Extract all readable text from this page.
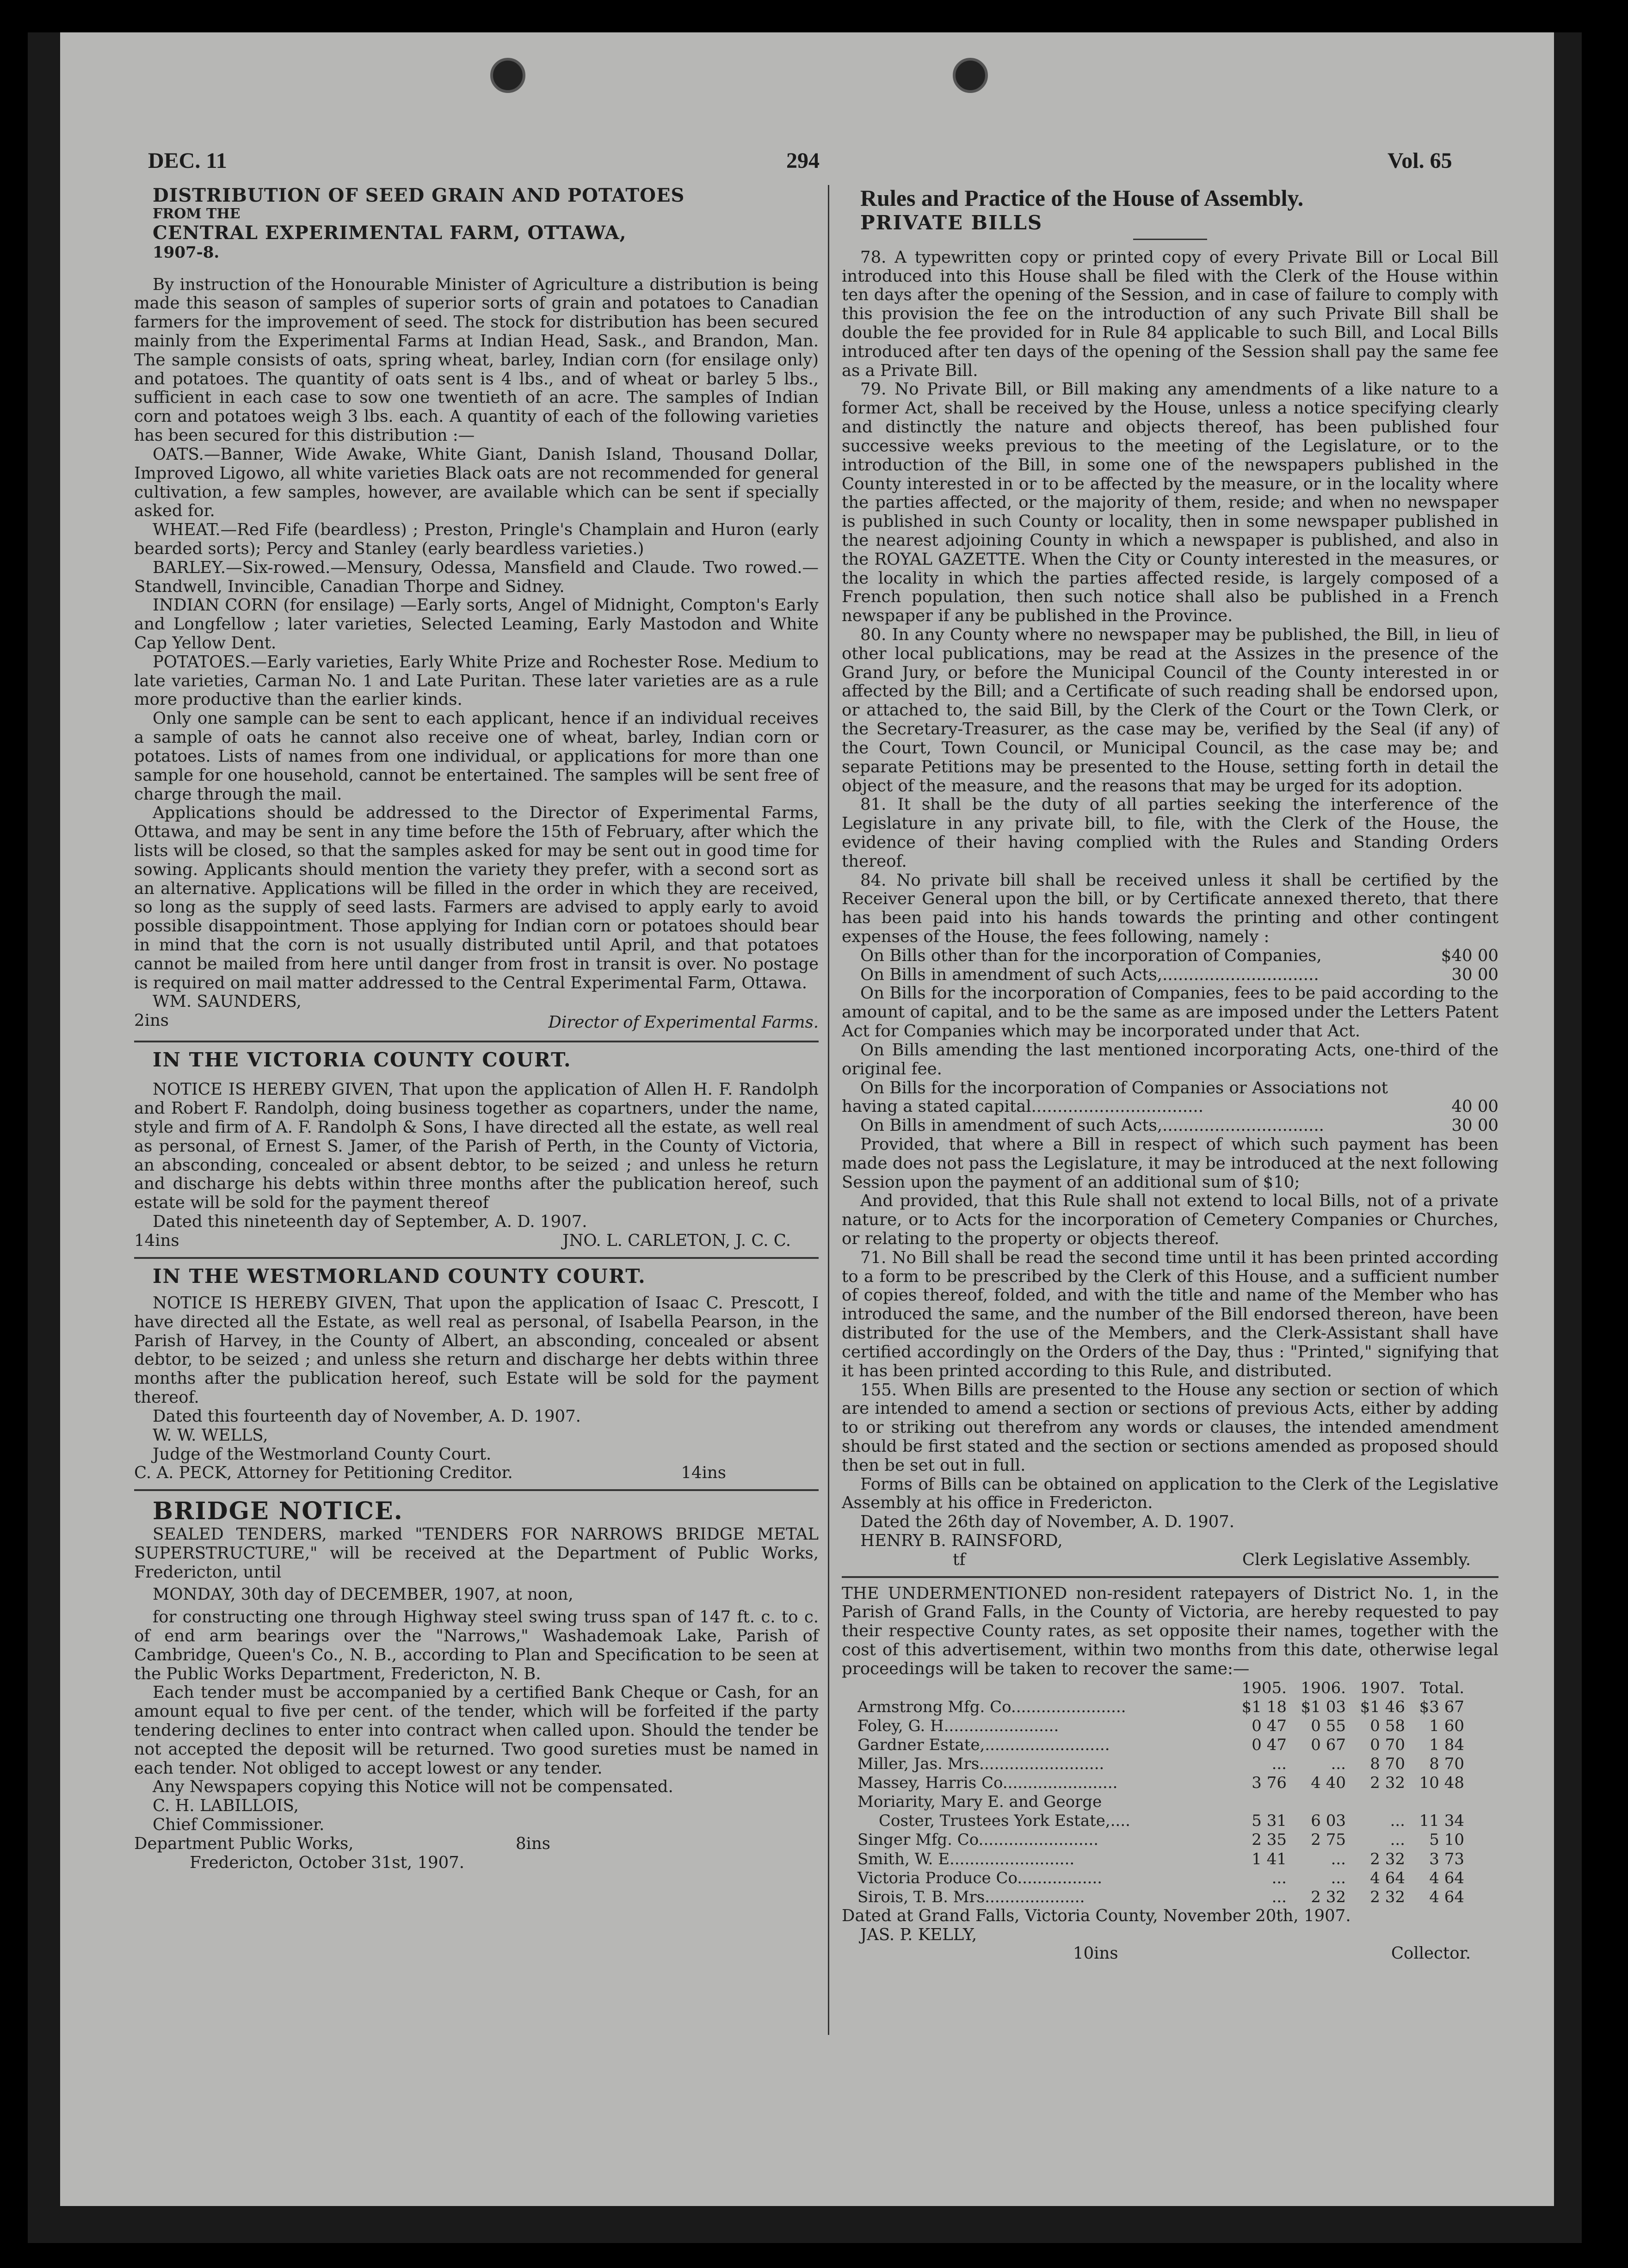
DEC. 11	294	Vol. 65

DISTRIBUTION OF SEED GRAIN AND POTATOES

FROM THE

CENTRAL EXPERIMENTAL FARM, OTTAWA,

1907-8.

By instruction of the Honourable Minister of Agriculture a distribution is being made this season of samples of superior sorts of grain and potatoes to Canadian farmers for the improvement of seed. The stock for distribution has been secured mainly from the Experimental Farms at Indian Head, Sask., and Brandon, Man. The sample consists of oats, spring wheat, barley, Indian corn (for ensilage only) and potatoes. The quantity of oats sent is 4 lbs., and of wheat or barley 5 lbs., sufficient in each case to sow one twentieth of an acre. The samples of Indian corn and potatoes weigh 3 lbs. each. A quantity of each of the following varieties has been secured for this distribution :—

OATS.—Banner, Wide Awake, White Giant, Danish Island, Thousand Dollar, Improved Ligowo, all white varieties Black oats are not recommended for general cultivation, a few samples, however, are available which can be sent if specially asked for.

WHEAT.—Red Fife (beardless) ; Preston, Pringle's Champlain and Huron (early bearded sorts); Percy and Stanley (early beardless varieties.)

BARLEY.—Six-rowed.—Mensury, Odessa, Mansfield and Claude. Two rowed.—Standwell, Invincible, Canadian Thorpe and Sidney.

INDIAN CORN (for ensilage) —Early sorts, Angel of Midnight, Compton's Early and Longfellow ; later varieties, Selected Leaming, Early Mastodon and White Cap Yellow Dent.

POTATOES.—Early varieties, Early White Prize and Rochester Rose. Medium to late varieties, Carman No. 1 and Late Puritan. These later varieties are as a rule more productive than the earlier kinds.

Only one sample can be sent to each applicant, hence if an individual receives a sample of oats he cannot also receive one of wheat, barley, Indian corn or potatoes. Lists of names from one individual, or applications for more than one sample for one household, cannot be entertained. The samples will be sent free of charge through the mail.

Applications should be addressed to the Director of Experimental Farms, Ottawa, and may be sent in any time before the 15th of February, after which the lists will be closed, so that the samples asked for may be sent out in good time for sowing. Applicants should mention the variety they prefer, with a second sort as an alternative. Applications will be filled in the order in which they are received, so long as the supply of seed lasts. Farmers are advised to apply early to avoid possible disappointment. Those applying for Indian corn or potatoes should bear in mind that the corn is not usually distributed until April, and that potatoes cannot be mailed from here until danger from frost in transit is over. No postage is required on mail matter addressed to the Central Experimental Farm, Ottawa.

WM. SAUNDERS,

2ins	Director of Experimental Farms.

IN THE VICTORIA COUNTY COURT.

NOTICE IS HEREBY GIVEN, That upon the application of Allen H. F. Randolph and Robert F. Randolph, doing business together as copartners, under the name, style and firm of A. F. Randolph & Sons, I have directed all the estate, as well real as personal, of Ernest S. Jamer, of the Parish of Perth, in the County of Victoria, an absconding, concealed or absent debtor, to be seized ; and unless he return and discharge his debts within three months after the publication hereof, such estate will be sold for the payment thereof

Dated this nineteenth day of September, A. D. 1907.

14ins	JNO. L. CARLETON, J. C. C.

IN THE WESTMORLAND COUNTY COURT.

NOTICE IS HEREBY GIVEN, That upon the application of Isaac C. Prescott, I have directed all the Estate, as well real as personal, of Isabella Pearson, in the Parish of Harvey, in the County of Albert, an absconding, concealed or absent debtor, to be seized ; and unless she return and discharge her debts within three months after the publication hereof, such Estate will be sold for the payment thereof.

Dated this fourteenth day of November, A. D. 1907.

W. W. WELLS,

Judge of the Westmorland County Court.

C. A. PECK, Attorney for Petitioning Creditor.	14ins

BRIDGE NOTICE.

SEALED TENDERS, marked "TENDERS FOR NARROWS BRIDGE METAL SUPERSTRUCTURE," will be received at the Department of Public Works, Fredericton, until

MONDAY, 30th day of DECEMBER, 1907, at noon,

for constructing one through Highway steel swing truss span of 147 ft. c. to c. of end arm bearings over the "Narrows," Washademoak Lake, Parish of Cambridge, Queen's Co., N. B., according to Plan and Specification to be seen at the Public Works Department, Fredericton, N. B.

Each tender must be accompanied by a certified Bank Cheque or Cash, for an amount equal to five per cent. of the tender, which will be forfeited if the party tendering declines to enter into contract when called upon. Should the tender be not accepted the deposit will be returned. Two good sureties must be named in each tender. Not obliged to accept lowest or any tender.

Any Newspapers copying this Notice will not be compensated.

C. H. LABILLOIS,

Chief Commissioner.

Department Public Works,	8ins

Fredericton, October 31st, 1907.

Rules and Practice of the House of Assembly.

PRIVATE BILLS

78. A typewritten copy or printed copy of every Private Bill or Local Bill introduced into this House shall be filed with the Clerk of the House within ten days after the opening of the Session, and in case of failure to comply with this provision the fee on the introduction of any such Private Bill shall be double the fee provided for in Rule 84 applicable to such Bill, and Local Bills introduced after ten days of the opening of the Session shall pay the same fee as a Private Bill.

79. No Private Bill, or Bill making any amendments of a like nature to a former Act, shall be received by the House, unless a notice specifying clearly and distinctly the nature and objects thereof, has been published four successive weeks previous to the meeting of the Legislature, or to the introduction of the Bill, in some one of the newspapers published in the County interested in or to be affected by the measure, or in the locality where the parties affected, or the majority of them, reside; and when no newspaper is published in such County or locality, then in some newspaper published in the nearest adjoining County in which a newspaper is published, and also in the ROYAL GAZETTE. When the City or County interested in the measures, or the locality in which the parties affected reside, is largely composed of a French population, then such notice shall also be published in a French newspaper if any be published in the Province.

80. In any County where no newspaper may be published, the Bill, in lieu of other local publications, may be read at the Assizes in the presence of the Grand Jury, or before the Municipal Council of the County interested in or affected by the Bill; and a Certificate of such reading shall be endorsed upon, or attached to, the said Bill, by the Clerk of the Court or the Town Clerk, or the Secretary-Treasurer, as the case may be, verified by the Seal (if any) of the Court, Town Council, or Municipal Council, as the case may be; and separate Petitions may be presented to the House, setting forth in detail the object of the measure, and the reasons that may be urged for its adoption.

81. It shall be the duty of all parties seeking the interference of the Legislature in any private bill, to file, with the Clerk of the House, the evidence of their having complied with the Rules and Standing Orders thereof.

84. No private bill shall be received unless it shall be certified by the Receiver General upon the bill, or by Certificate annexed thereto, that there has been paid into his hands towards the printing and other contingent expenses of the House, the fees following, namely :

On Bills other than for the incorporation of Companies,	$40 00
On Bills in amendment of such Acts,..............................	30 00

On Bills for the incorporation of Companies, fees to be paid according to the amount of capital, and to be the same as are imposed under the Letters Patent Act for Companies which may be incorporated under that Act.

On Bills amending the last mentioned incorporating Acts, one-third of the original fee.

On Bills for the incorporation of Companies or Associations not having a stated capital.................................	40 00
On Bills in amendment of such Acts,...............................	30 00

Provided, that where a Bill in respect of which such payment has been made does not pass the Legislature, it may be introduced at the next following Session upon the payment of an additional sum of $10;

And provided, that this Rule shall not extend to local Bills, not of a private nature, or to Acts for the incorporation of Cemetery Companies or Churches, or relating to the property or objects thereof.

71. No Bill shall be read the second time until it has been printed according to a form to be prescribed by the Clerk of this House, and a sufficient number of copies thereof, folded, and with the title and name of the Member who has introduced the same, and the number of the Bill endorsed thereon, have been distributed for the use of the Members, and the Clerk-Assistant shall have certified accordingly on the Orders of the Day, thus : "Printed," signifying that it has been printed according to this Rule, and distributed.

155. When Bills are presented to the House any section or section of which are intended to amend a section or sections of previous Acts, either by adding to or striking out therefrom any words or clauses, the intended amendment should be first stated and the section or sections amended as proposed should then be set out in full.

Forms of Bills can be obtained on application to the Clerk of the Legislative Assembly at his office in Fredericton.

Dated the 26th day of November, A. D. 1907.

HENRY B. RAINSFORD,

tf	Clerk Legislative Assembly.

THE UNDERMENTIONED non-resident ratepayers of District No. 1, in the Parish of Grand Falls, in the County of Victoria, are hereby requested to pay their respective County rates, as set opposite their names, together with the cost of this advertisement, within two months from this date, otherwise legal proceedings will be taken to recover the same:—

	1905.	1906.	1907.	Total.
Armstrong Mfg. Co.......................	$1 18	$1 03	$1 46	$3 67
Foley, G. H.......................	0 47	0 55	0 58	1 60
Gardner Estate,.........................	0 47	0 67	0 70	1 84
Miller, Jas. Mrs.........................	...	...	8 70	8 70
Massey, Harris Co.......................	3 76	4 40	2 32	10 48
Moriarity, Mary E. and George				
Coster, Trustees York Estate,....	5 31	6 03	...	11 34
Singer Mfg. Co........................	2 35	2 75	...	5 10
Smith, W. E.........................	1 41	...	2 32	3 73
Victoria Produce Co.................	...	...	4 64	4 64
Sirois, T. B. Mrs....................	...	2 32	2 32	4 64

Dated at Grand Falls, Victoria County, November 20th, 1907.

JAS. P. KELLY,

10ins	Collector.
